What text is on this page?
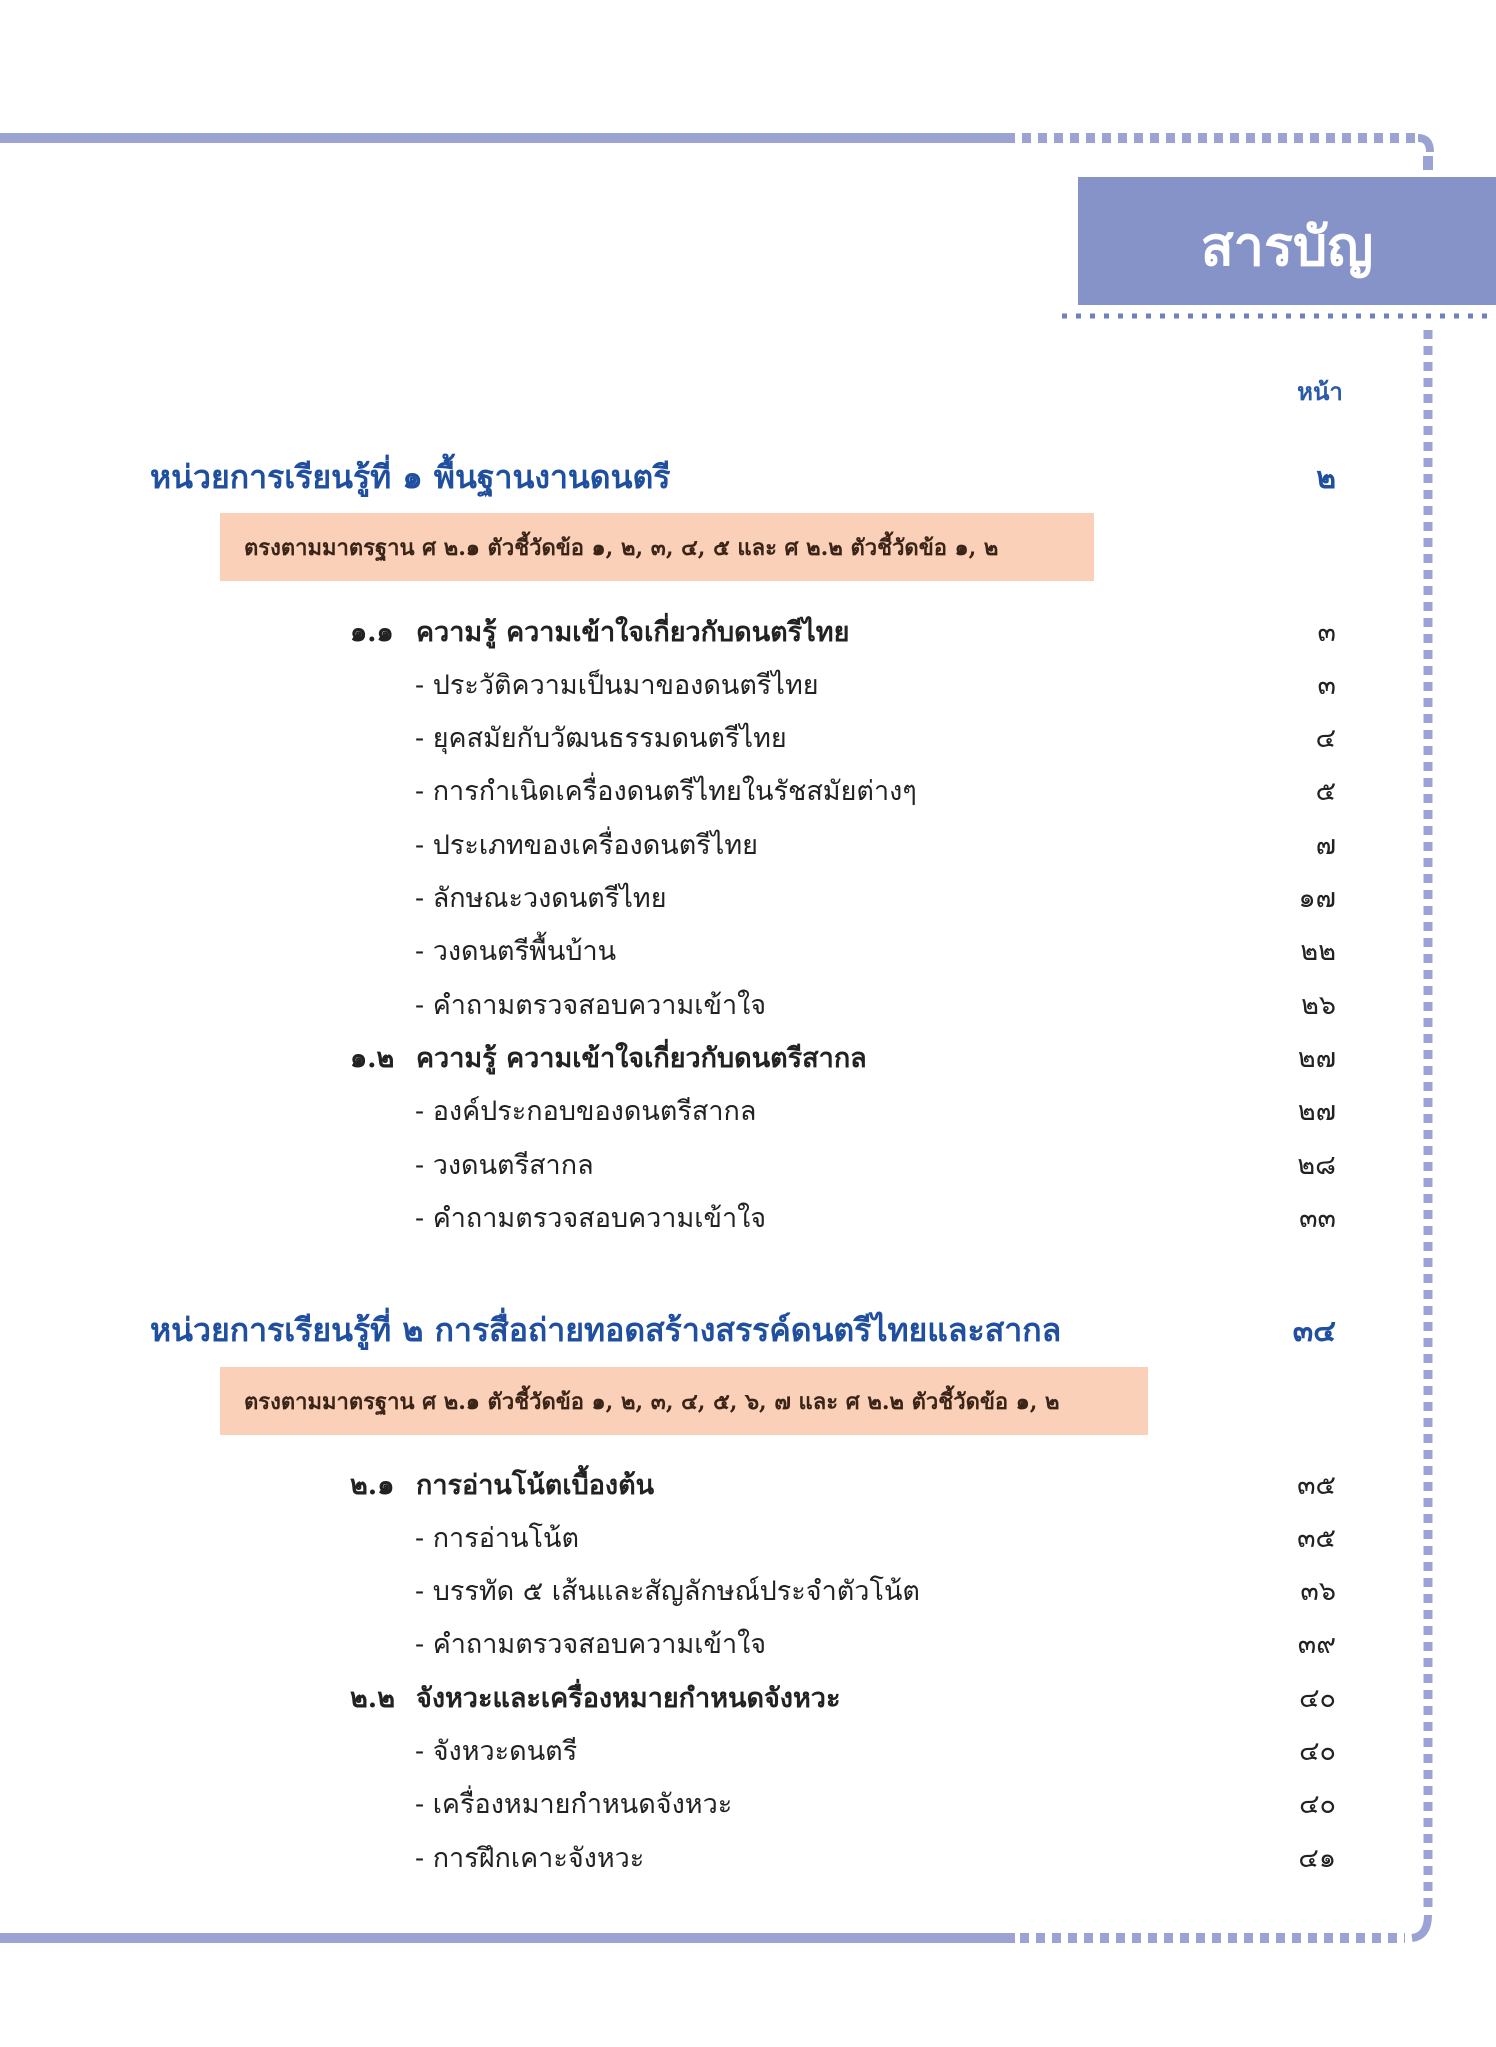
สารบัญ
หน้า
หน่วยการเรียนรู้ที่ ๑ พื้นฐานงานดนตรี	๒
ตรงตามมาตรฐาน ศ ๒.๑ ตัวชี้วัดข้อ ๑, ๒, ๓, ๔, ๕ และ ศ ๒.๒ ตัวชี้วัดข้อ ๑, ๒
๑.๑ ความรู้ ความเข้าใจเกี่ยวกับดนตรีไทย	๓
- ประวัติความเป็นมาของดนตรีไทย	๓
- ยุคสมัยกับวัฒนธรรมดนตรีไทย	๔
- การกำเนิดเครื่องดนตรีไทยในรัชสมัยต่างๆ	๕
- ประเภทของเครื่องดนตรีไทย	๗
- ลักษณะวงดนตรีไทย	๑๗
- วงดนตรีพื้นบ้าน	๒๒
- คำถามตรวจสอบความเข้าใจ	๒๖
๑.๒ ความรู้ ความเข้าใจเกี่ยวกับดนตรีสากล	๒๗
- องค์ประกอบของดนตรีสากล	๒๗
- วงดนตรีสากล	๒๘
- คำถามตรวจสอบความเข้าใจ	๓๓
หน่วยการเรียนรู้ที่ ๒ การสื่อถ่ายทอดสร้างสรรค์ดนตรีไทยและสากล	๓๔
ตรงตามมาตรฐาน ศ ๒.๑ ตัวชี้วัดข้อ ๑, ๒, ๓, ๔, ๕, ๖, ๗ และ ศ ๒.๒ ตัวชี้วัดข้อ ๑, ๒
๒.๑ การอ่านโน้ตเบื้องต้น	๓๕
- การอ่านโน้ต	๓๕
- บรรทัด ๕ เส้นและสัญลักษณ์ประจำตัวโน้ต	๓๖
- คำถามตรวจสอบความเข้าใจ	๓๙
๒.๒ จังหวะและเครื่องหมายกำหนดจังหวะ	๔๐
- จังหวะดนตรี	๔๐
- เครื่องหมายกำหนดจังหวะ	๔๐
- การฝึกเคาะจังหวะ	๔๑
